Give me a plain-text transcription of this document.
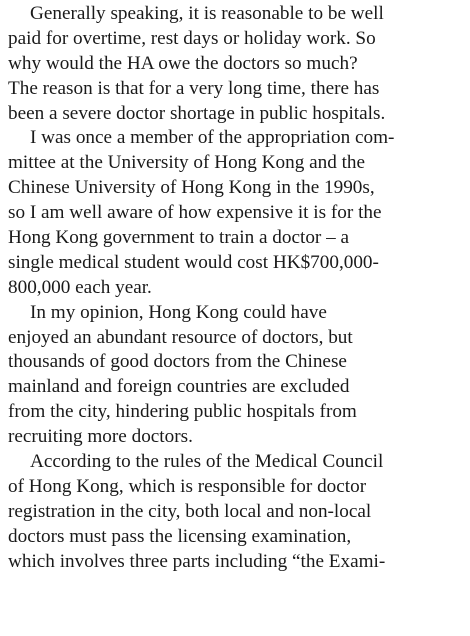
Generally speaking, it is reasonable to be well
paid for overtime, rest days or holiday work. So
why would the HA owe the doctors so much?
The reason is that for a very long time, there has
been a severe doctor shortage in public hospitals.

I was once a member of the appropriation com-
mittee at the University of Hong Kong and the
Chinese University of Hong Kong in the 1990s,
so I am well aware of how expensive it is for the
Hong Kong government to train a doctor – a
single medical student would cost HK$700,000-
800,000 each year.

In my opinion, Hong Kong could have
enjoyed an abundant resource of doctors, but
thousands of good doctors from the Chinese
mainland and foreign countries are excluded
from the city, hindering public hospitals from
recruiting more doctors.

According to the rules of the Medical Council
of Hong Kong, which is responsible for doctor
registration in the city, both local and non-local
doctors must pass the licensing examination,
which involves three parts including “the Exami-
